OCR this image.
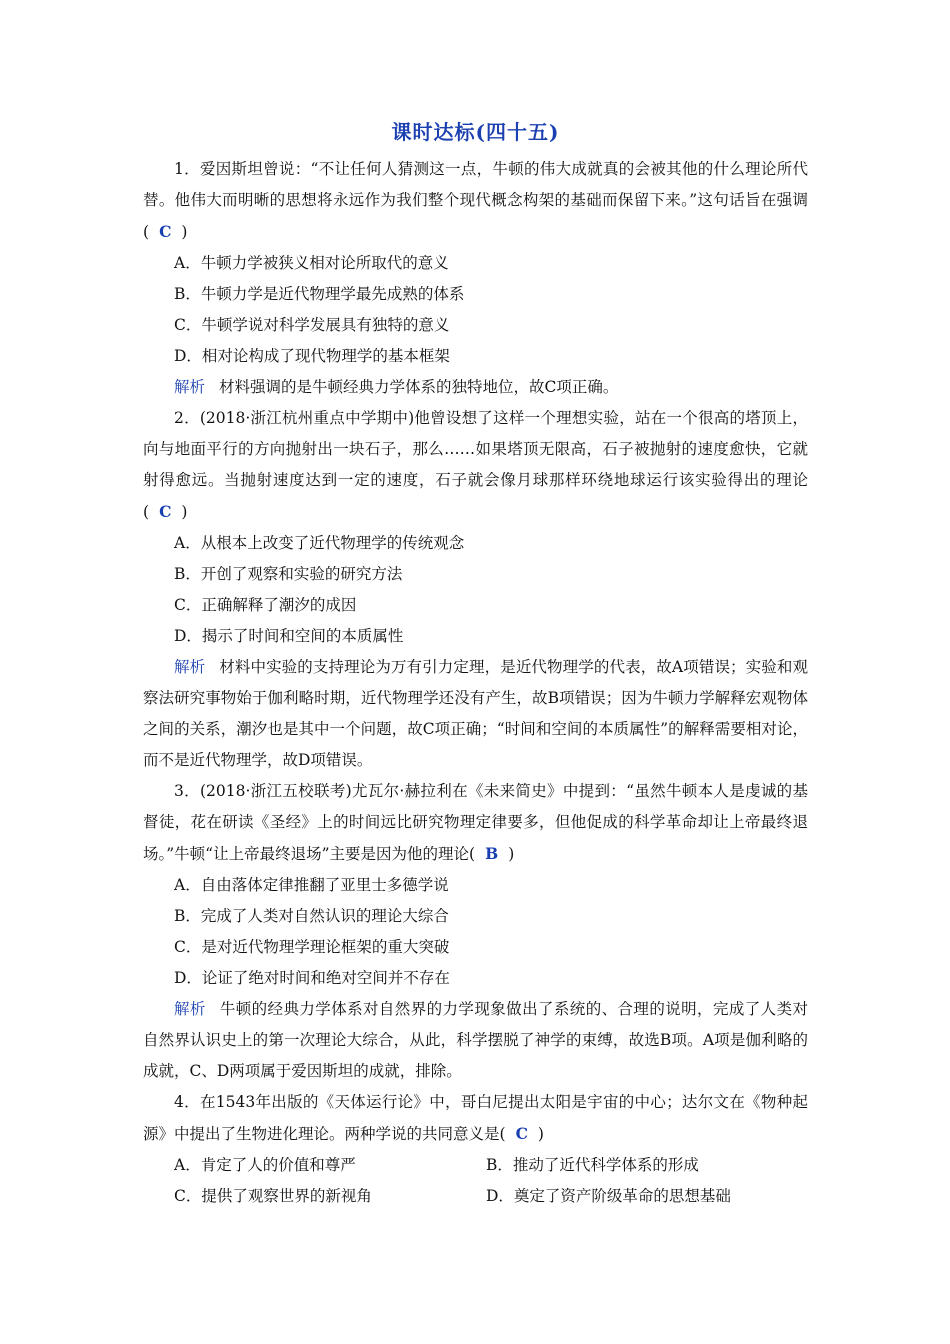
课时达标(四十五)

1．爱因斯坦曾说：“不让任何人猜测这一点，牛顿的伟大成就真的会被其他的什么理论所代替。他伟大而明晰的思想将永远作为我们整个现代概念构架的基础而保留下来。”这句话旨在强调( C )

A．牛顿力学被狭义相对论所取代的意义

B．牛顿力学是近代物理学最先成熟的体系

C．牛顿学说对科学发展具有独特的意义

D．相对论构成了现代物理学的基本框架

解析 材料强调的是牛顿经典力学体系的独特地位，故C项正确。

2．(2018·浙江杭州重点中学期中)他曾设想了这样一个理想实验，站在一个很高的塔顶上，向与地面平行的方向抛射出一块石子，那么……如果塔顶无限高，石子被抛射的速度愈快，它就射得愈远。当抛射速度达到一定的速度，石子就会像月球那样环绕地球运行该实验得出的理论( C )

A．从根本上改变了近代物理学的传统观念

B．开创了观察和实验的研究方法

C．正确解释了潮汐的成因

D．揭示了时间和空间的本质属性

解析 材料中实验的支持理论为万有引力定理，是近代物理学的代表，故A项错误；实验和观察法研究事物始于伽利略时期，近代物理学还没有产生，故B项错误；因为牛顿力学解释宏观物体之间的关系，潮汐也是其中一个问题，故C项正确；“时间和空间的本质属性”的解释需要相对论，而不是近代物理学，故D项错误。

3．(2018·浙江五校联考)尤瓦尔·赫拉利在《未来简史》中提到：“虽然牛顿本人是虔诚的基督徒，花在研读《圣经》上的时间远比研究物理定律要多，但他促成的科学革命却让上帝最终退场。”牛顿“让上帝最终退场”主要是因为他的理论( B )

A．自由落体定律推翻了亚里士多德学说

B．完成了人类对自然认识的理论大综合

C．是对近代物理学理论框架的重大突破

D．论证了绝对时间和绝对空间并不存在

解析 牛顿的经典力学体系对自然界的力学现象做出了系统的、合理的说明，完成了人类对自然界认识史上的第一次理论大综合，从此，科学摆脱了神学的束缚，故选B项。A项是伽利略的成就，C、D两项属于爱因斯坦的成就，排除。

4．在1543年出版的《天体运行论》中，哥白尼提出太阳是宇宙的中心；达尔文在《物种起源》中提出了生物进化理论。两种学说的共同意义是( C )

A．肯定了人的价值和尊严	B．推动了近代科学体系的形成
C．提供了观察世界的新视角	D．奠定了资产阶级革命的思想基础
